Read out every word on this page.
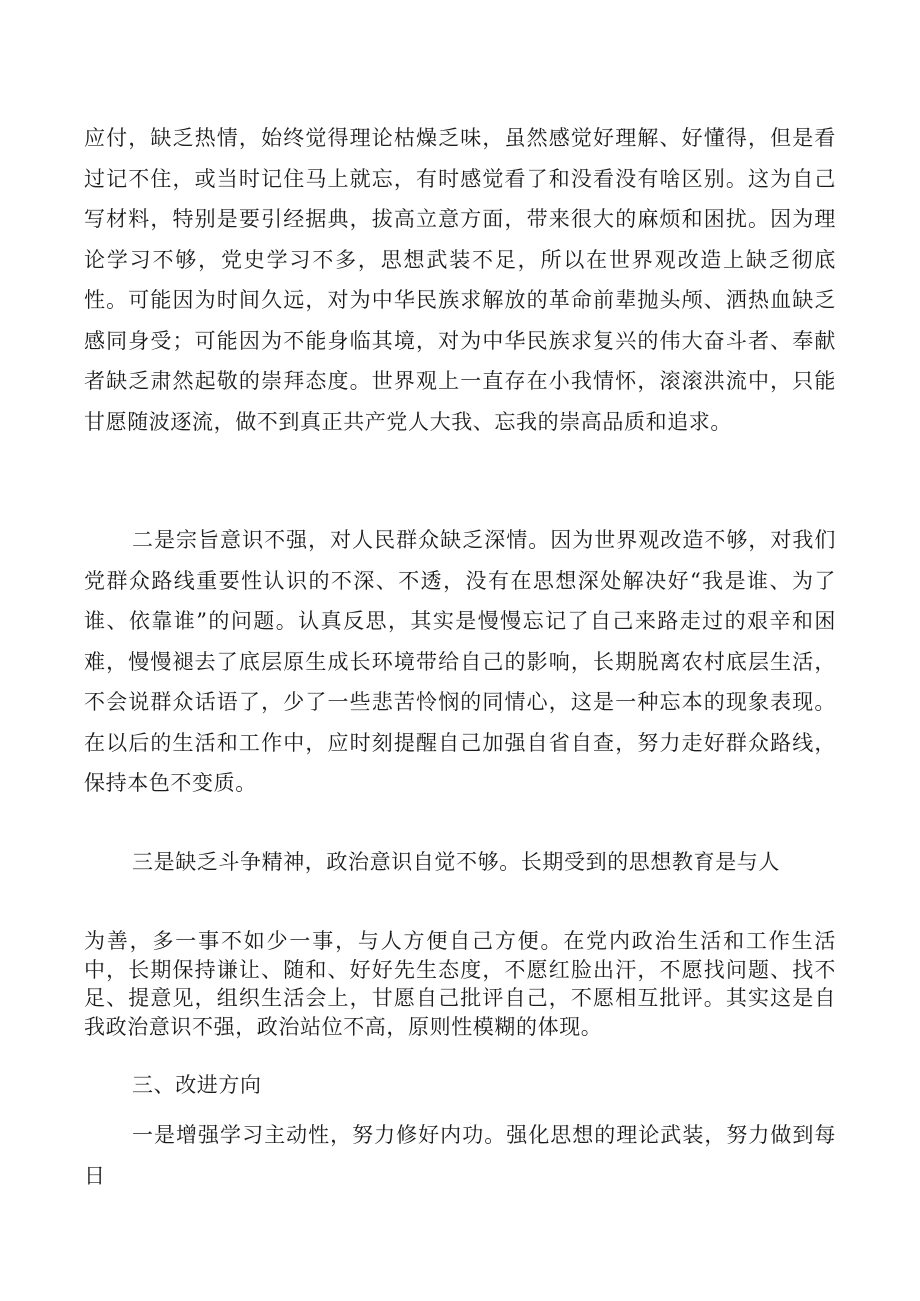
应付，缺乏热情，始终觉得理论枯燥乏味，虽然感觉好理解、好懂得，但是看过记不住，或当时记住马上就忘，有时感觉看了和没看没有啥区别。这为自己写材料，特别是要引经据典，拔高立意方面，带来很大的麻烦和困扰。因为理论学习不够，党史学习不多，思想武装不足，所以在世界观改造上缺乏彻底性。可能因为时间久远，对为中华民族求解放的革命前辈抛头颅、洒热血缺乏感同身受；可能因为不能身临其境，对为中华民族求复兴的伟大奋斗者、奉献者缺乏肃然起敬的崇拜态度。世界观上一直存在小我情怀，滚滚洪流中，只能甘愿随波逐流，做不到真正共产党人大我、忘我的崇高品质和追求。

二是宗旨意识不强，对人民群众缺乏深情。因为世界观改造不够，对我们党群众路线重要性认识的不深、不透，没有在思想深处解决好“我是谁、为了谁、依靠谁”的问题。认真反思，其实是慢慢忘记了自己来路走过的艰辛和困难，慢慢褪去了底层原生成长环境带给自己的影响，长期脱离农村底层生活，不会说群众话语了，少了一些悲苦怜悯的同情心，这是一种忘本的现象表现。在以后的生活和工作中，应时刻提醒自己加强自省自查，努力走好群众路线，保持本色不变质。

三是缺乏斗争精神，政治意识自觉不够。长期受到的思想教育是与人

为善，多一事不如少一事，与人方便自己方便。在党内政治生活和工作生活中，长期保持谦让、随和、好好先生态度，不愿红脸出汗，不愿找问题、找不足、提意见，组织生活会上，甘愿自己批评自己，不愿相互批评。其实这是自我政治意识不强，政治站位不高，原则性模糊的体现。

三、改进方向

一是增强学习主动性，努力修好内功。强化思想的理论武装，努力做到每日
